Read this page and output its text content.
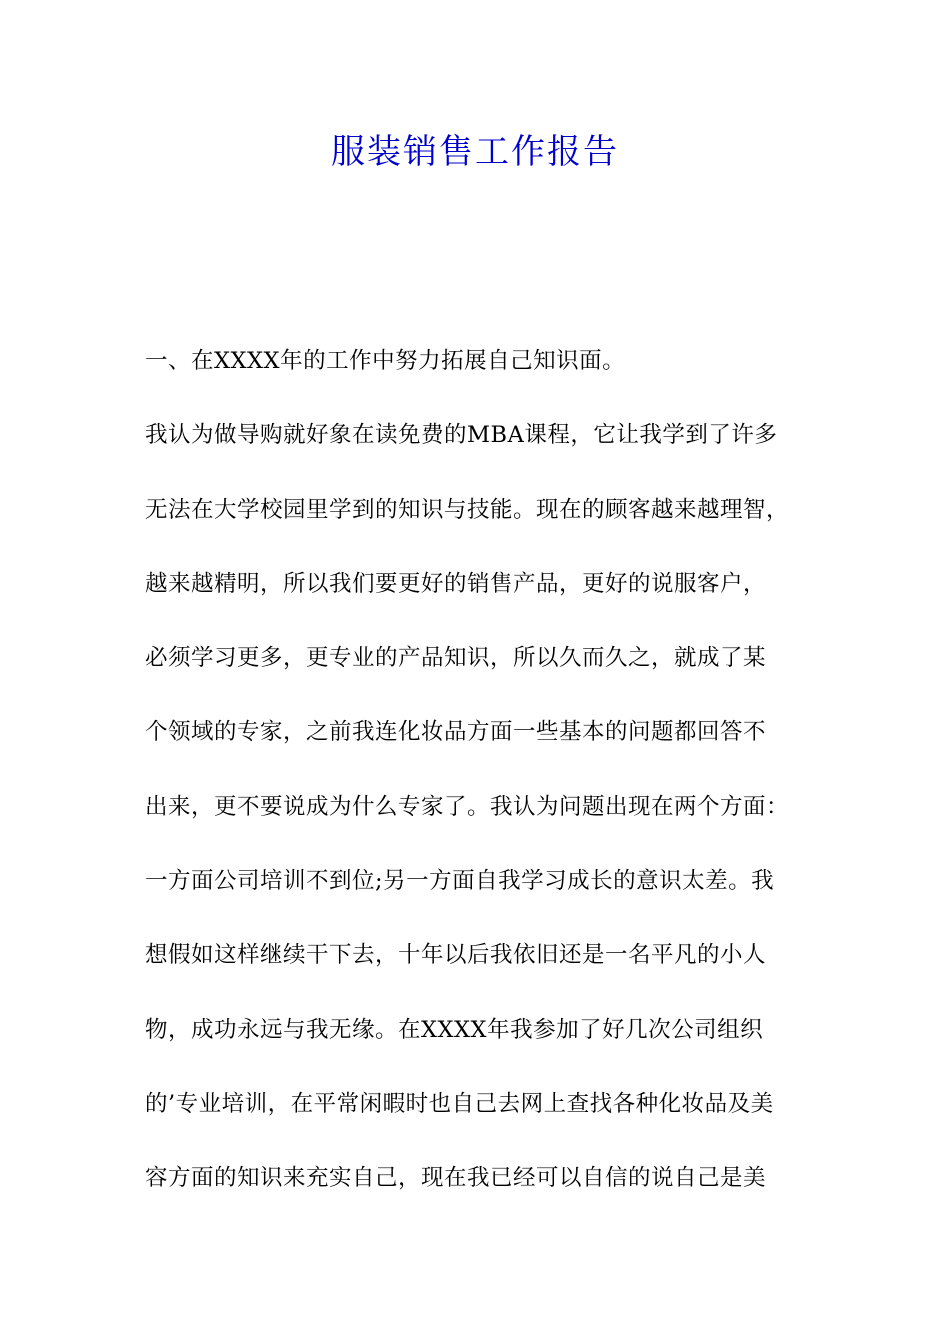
服装销售工作报告
一、在XXXX年的工作中努力拓展自己知识面。
我认为做导购就好象在读免费的MBA课程，它让我学到了许多
无法在大学校园里学到的知识与技能。现在的顾客越来越理智，
越来越精明，所以我们要更好的销售产品，更好的说服客户，
必须学习更多，更专业的产品知识，所以久而久之，就成了某
个领域的专家，之前我连化妆品方面一些基本的问题都回答不
出来，更不要说成为什么专家了。我认为问题出现在两个方面：
一方面公司培训不到位;另一方面自我学习成长的意识太差。我
想假如这样继续干下去，十年以后我依旧还是一名平凡的小人
物，成功永远与我无缘。在XXXX年我参加了好几次公司组织
的’专业培训，在平常闲暇时也自己去网上查找各种化妆品及美
容方面的知识来充实自己，现在我已经可以自信的说自己是美
